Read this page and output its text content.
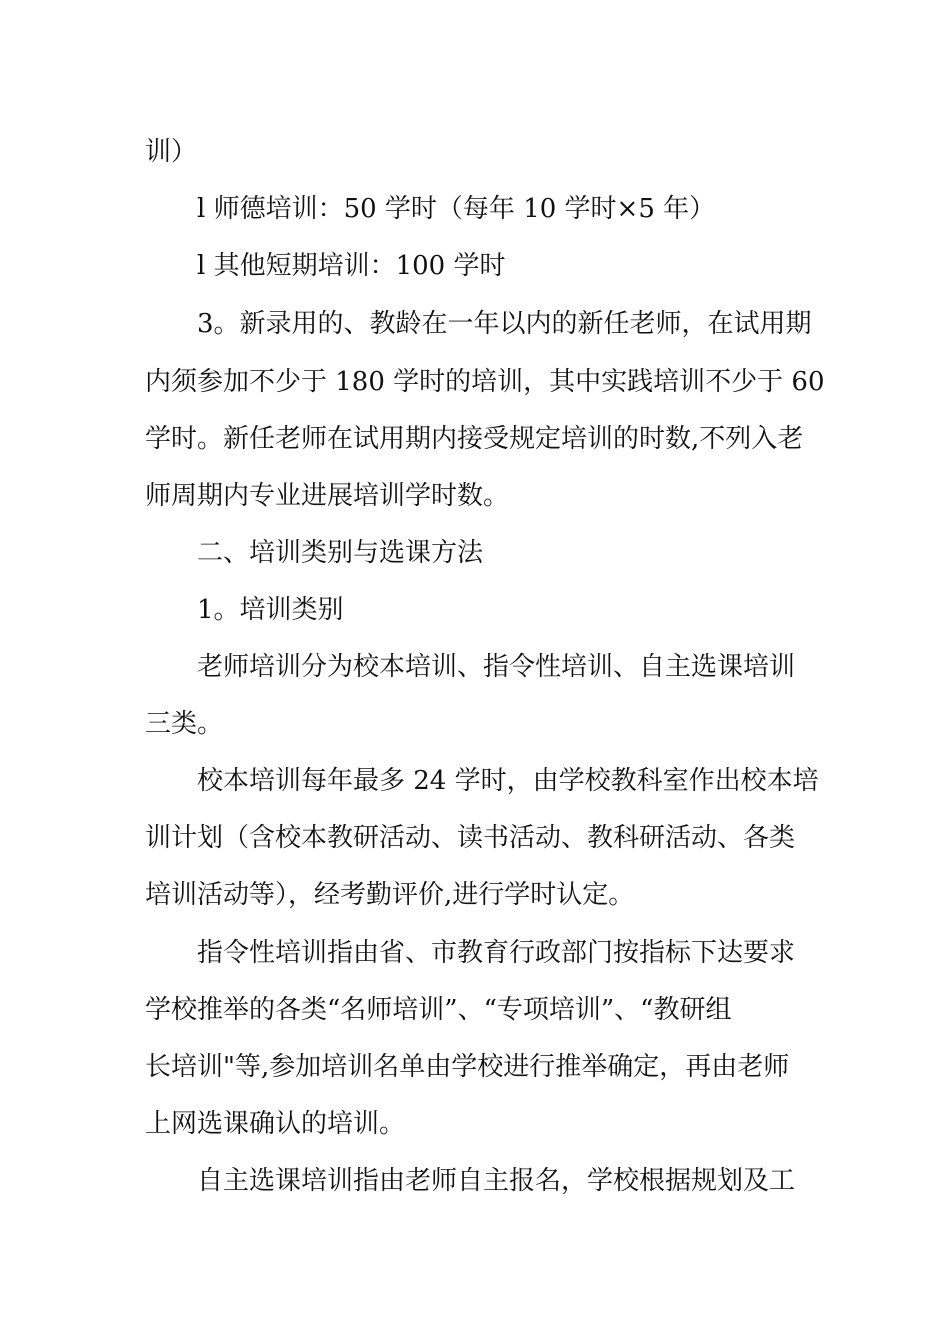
训）
l 师德培训：50 学时（每年 10 学时×5 年）
l 其他短期培训：100 学时
3。新录用的、教龄在一年以内的新任老师，在试用期
内须参加不少于 180 学时的培训，其中实践培训不少于 60
学时。新任老师在试用期内接受规定培训的时数,不列入老
师周期内专业进展培训学时数。
二、培训类别与选课方法
1。培训类别
老师培训分为校本培训、指令性培训、自主选课培训
三类。
校本培训每年最多 24 学时，由学校教科室作出校本培
训计划（含校本教研活动、读书活动、教科研活动、各类
培训活动等），经考勤评价,进行学时认定。
指令性培训指由省、市教育行政部门按指标下达要求
学校推举的各类“名师培训”、“专项培训”、“教研组
长培训"等,参加培训名单由学校进行推举确定，再由老师
上网选课确认的培训。
自主选课培训指由老师自主报名，学校根据规划及工
